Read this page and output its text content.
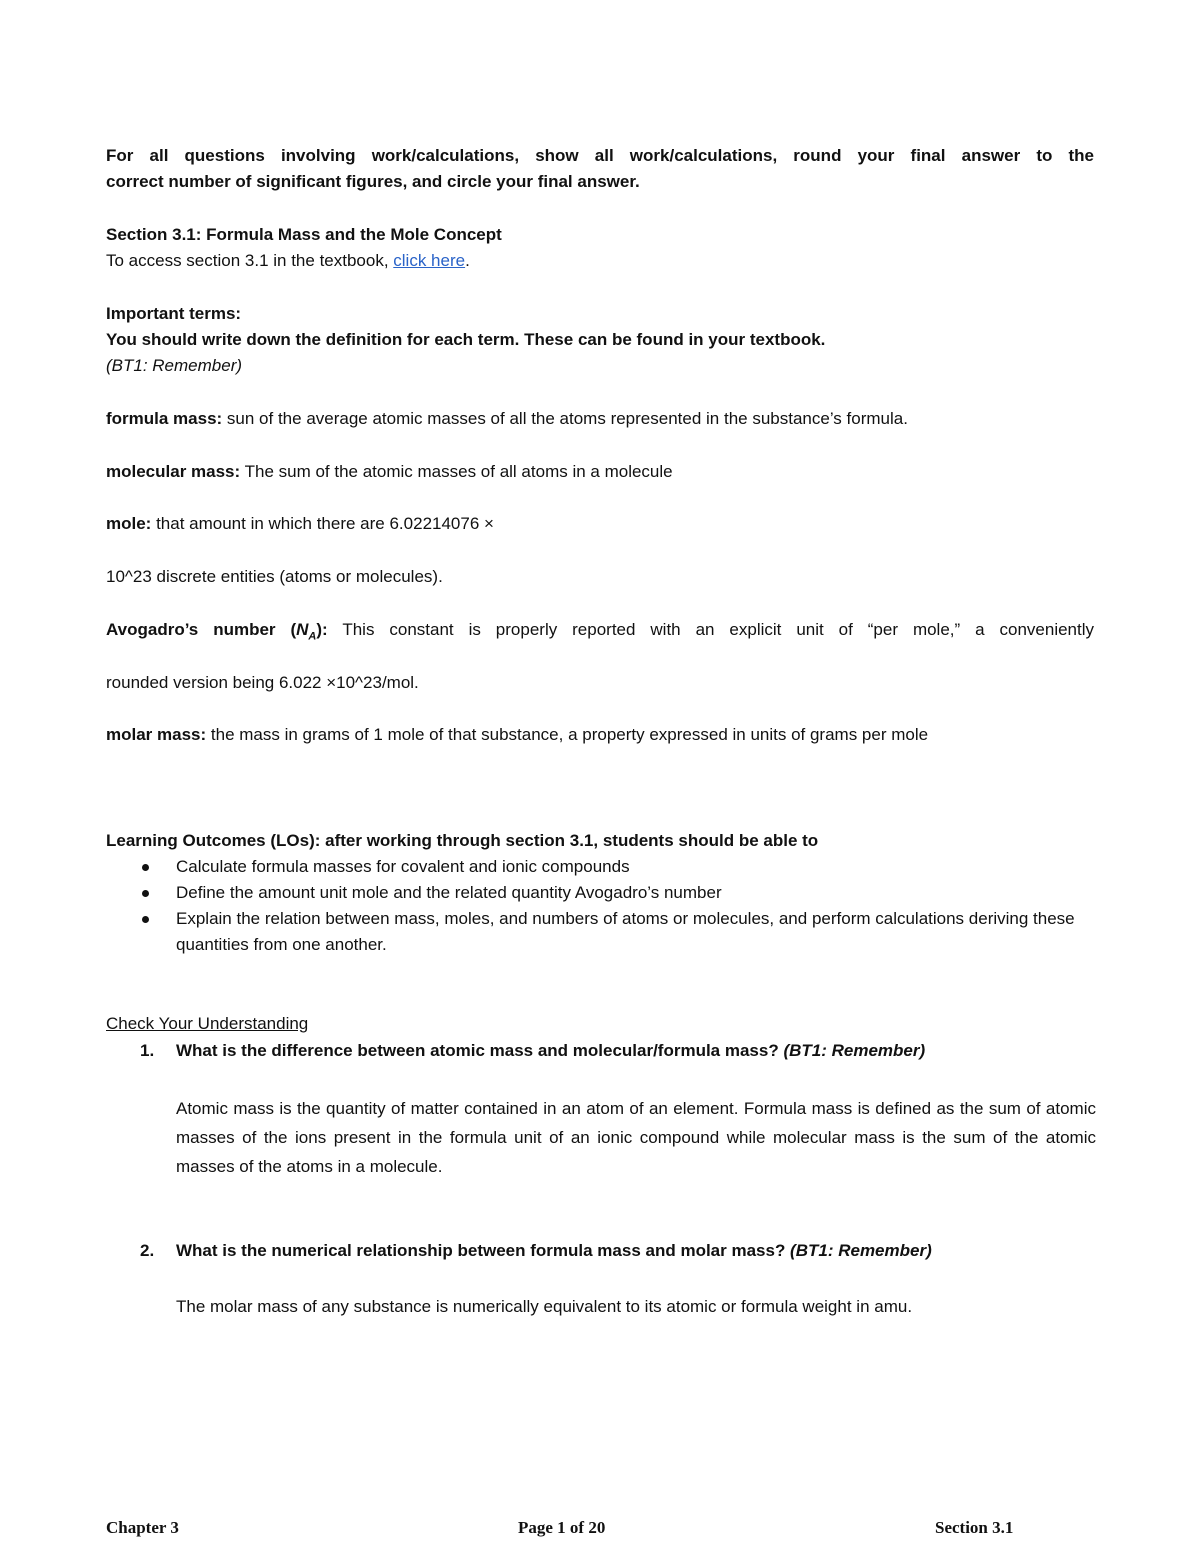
For all questions involving work/calculations, show all work/calculations, round your final answer to the
correct number of significant figures, and circle your final answer.
Section 3.1: Formula Mass and the Mole Concept
To access section 3.1 in the textbook, click here.
Important terms:
You should write down the definition for each term. These can be found in your textbook.
(BT1: Remember)
formula mass: sun of the average atomic masses of all the atoms represented in the substance’s formula.
molecular mass: The sum of the atomic masses of all atoms in a molecule
mole: that amount in which there are 6.02214076 ×
10^23 discrete entities (atoms or molecules).
Avogadro’s number $(N_A)$: This constant is properly reported with an explicit unit of “per mole,” a conveniently
rounded version being 6.022 ×10^23/mol.
molar mass: the mass in grams of 1 mole of that substance, a property expressed in units of grams per mole
Learning Outcomes (LOs): after working through section 3.1, students should be able to
Calculate formula masses for covalent and ionic compounds
Define the amount unit mole and the related quantity Avogadro’s number
Explain the relation between mass, moles, and numbers of atoms or molecules, and perform calculations deriving these quantities from one another.
Check Your Understanding
1. What is the difference between atomic mass and molecular/formula mass? (BT1: Remember)
Atomic mass is the quantity of matter contained in an atom of an element. Formula mass is defined as the sum of atomic masses of the ions present in the formula unit of an ionic compound while molecular mass is the sum of the atomic masses of the atoms in a molecule.
2. What is the numerical relationship between formula mass and molar mass? (BT1: Remember)
The molar mass of any substance is numerically equivalent to its atomic or formula weight in amu.
Chapter 3	Page 1 of 20	Section 3.1
